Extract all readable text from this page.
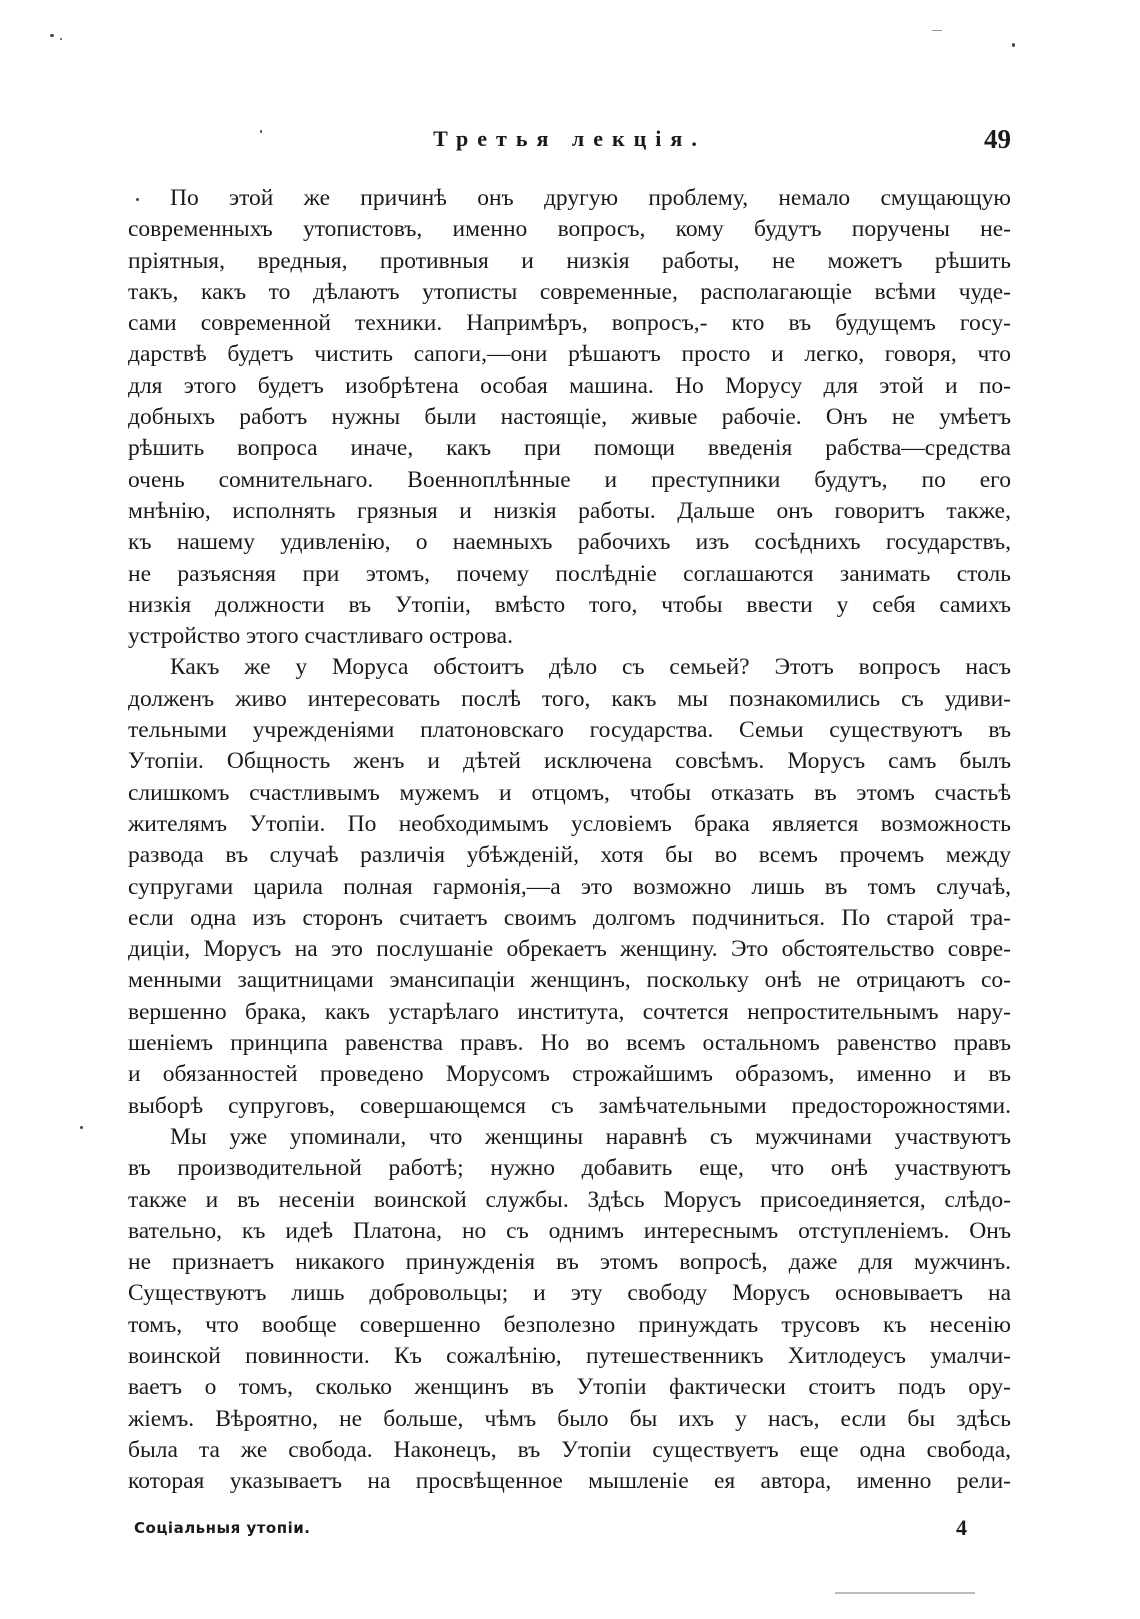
Третья лекція.	49
По этой же причинѣ онъ другую проблему, немало смущающую
современныхъ утопистовъ, именно вопросъ, кому будутъ поручены не-
пріятныя, вредныя, противныя и низкія работы, не можетъ рѣшить
такъ, какъ то дѣлаютъ утописты современные, располагающіе всѣми чуде-
сами современной техники. Напримѣръ, вопросъ,- кто въ будущемъ госу-
дарствѣ будетъ чистить сапоги,—они рѣшаютъ просто и легко, говоря, что
для этого будетъ изобрѣтена особая машина. Но Морусу для этой и по-
добныхъ работъ нужны были настоящіе, живые рабочіе. Онъ не умѣетъ
рѣшить вопроса иначе, какъ при помощи введенія рабства—средства
очень сомнительнаго. Военноплѣнные и преступники будутъ, по его
мнѣнію, исполнять грязныя и низкія работы. Дальше онъ говоритъ также,
къ нашему удивленію, о наемныхъ рабочихъ изъ сосѣднихъ государствъ,
не разъясняя при этомъ, почему послѣдніе соглашаются занимать столь
низкія должности въ Утопіи, вмѣсто того, чтобы ввести у себя самихъ
устройство этого счастливаго острова.
Какъ же у Моруса обстоитъ дѣло съ семьей? Этотъ вопросъ насъ
долженъ живо интересовать послѣ того, какъ мы познакомились съ удиви-
тельными учрежденіями платоновскаго государства. Семьи существуютъ въ
Утопіи. Общность женъ и дѣтей исключена совсѣмъ. Морусъ самъ былъ
слишкомъ счастливымъ мужемъ и отцомъ, чтобы отказать въ этомъ счастьѣ
жителямъ Утопіи. По необходимымъ условіемъ брака является возможность
развода въ случаѣ различія убѣжденій, хотя бы во всемъ прочемъ между
супругами царила полная гармонія,—а это возможно лишь въ томъ случаѣ,
если одна изъ сторонъ считаетъ своимъ долгомъ подчиниться. По старой тра-
диціи, Морусъ на это послушаніе обрекаетъ женщину. Это обстоятельство совре-
менными защитницами эмансипаціи женщинъ, поскольку онѣ не отрицаютъ со-
вершенно брака, какъ устарѣлаго института, сочтется непростительнымъ нару-
шеніемъ принципа равенства правъ. Но во всемъ остальномъ равенство правъ
и обязанностей проведено Морусомъ строжайшимъ образомъ, именно и въ
выборѣ супруговъ, совершающемся съ замѣчательными предосторожностями.
Мы уже упоминали, что женщины наравнѣ съ мужчинами участвуютъ
въ производительной работѣ; нужно добавить еще, что онѣ участвуютъ
также и въ несеніи воинской службы. Здѣсь Морусъ присоединяется, слѣдо-
вательно, къ идеѣ Платона, но съ однимъ интереснымъ отступленіемъ. Онъ
не признаетъ никакого принужденія въ этомъ вопросѣ, даже для мужчинъ.
Существуютъ лишь добровольцы; и эту свободу Морусъ основываетъ на
томъ, что вообще совершенно безполезно принуждать трусовъ къ несенію
воинской повинности. Къ сожалѣнію, путешественникъ Хитлодеусъ умалчи-
ваетъ о томъ, сколько женщинъ въ Утопіи фактически стоитъ подъ ору-
жіемъ. Вѣроятно, не больше, чѣмъ было бы ихъ у насъ, если бы здѣсь
была та же свобода. Наконецъ, въ Утопіи существуетъ еще одна свобода,
которая указываетъ на просвѣщенное мышленіе ея автора, именно рели-
Соціальныя утопіи.	4
